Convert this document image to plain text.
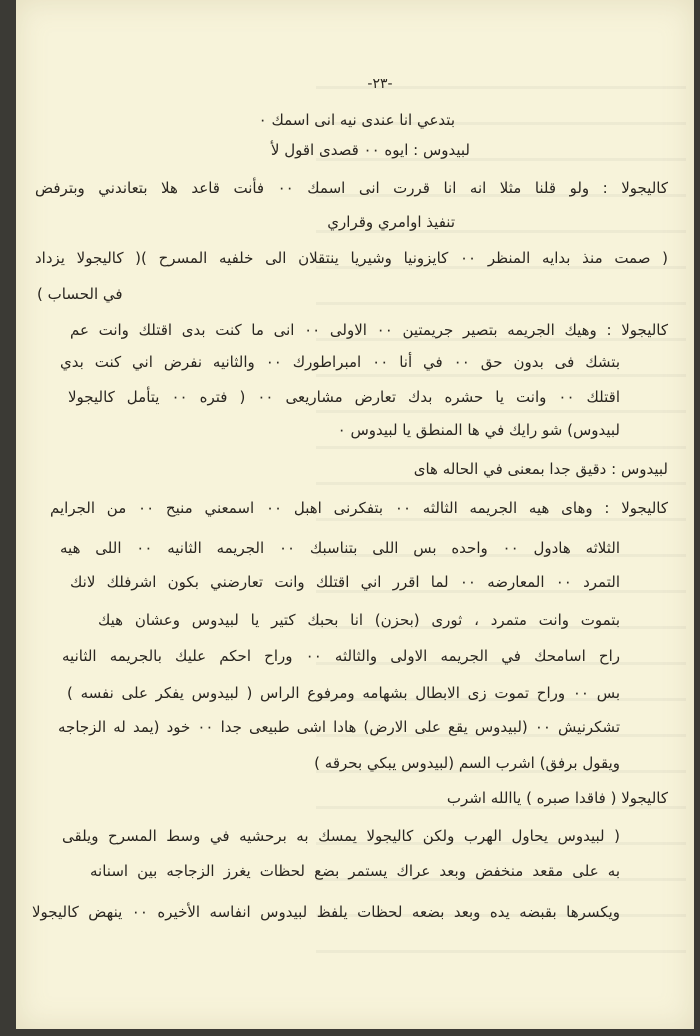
-٢٣-
بتدعي انا عندى نيه انى اسمك ٠
لبيدوس : ايوه ٠٠ قصدى اقول لأ
كاليجولا : ولو قلنا مثلا انه انا قررت انى اسمك ٠٠ فأنت قاعد هلا بتعاندني وبترفض
تنفيذ اوامري وقراري
( صمت منذ بدايه المنظر ٠٠ كايزونيا وشيريا ينتقلان الى خلفيه المسرح )( كاليجولا يزداد
في الحساب )
كاليجولا : وهيك الجريمه بتصير جريمتين ٠٠ الاولى ٠٠ انى ما كنت بدى اقتلك وانت عم
بتشك فى بدون حق ٠٠ في أنا ٠٠ امبراطورك ٠٠ والثانيه نفرض اني كنت بدي
اقتلك ٠٠ وانت يا حشره بدك تعارض مشاريعى ٠٠ ( فتره ٠٠ يتأمل كاليجولا
لبيدوس) شو رايك في ها المنطق يا لبيدوس ٠
لبيدوس : دقيق جدا بمعنى في الحاله هاى
كاليجولا : وهاى هيه الجريمه الثالثه ٠٠ بتفكرنى اهبل ٠٠ اسمعني منيح ٠٠ من الجرايم
الثلاثه هادول ٠٠ واحده بس اللى بتناسبك ٠٠ الجريمه الثانيه ٠٠ اللى هيه
التمرد ٠٠ المعارضه ٠٠ لما اقرر اني اقتلك وانت تعارضني بكون اشرفلك لانك
بتموت وانت متمرد ، ثورى (بحزن) انا بحبك كتير يا لبيدوس وعشان هيك
راح اسامحك في الجريمه الاولى والثالثه ٠٠ وراح احكم عليك بالجريمه الثانيه
بس ٠٠ وراح تموت زى الابطال بشهامه ومرفوع الراس ( لبيدوس يفكر على نفسه )
تشكرنيش ٠٠ (لبيدوس يقع على الارض) هادا اشى طبيعى جدا ٠٠ خود (يمد له الزجاجه
ويقول برفق) اشرب السم (لبيدوس يبكي بحرقه )
كاليجولا ( فاقدا صبره ) ياالله اشرب
( لبيدوس يحاول الهرب ولكن كاليجولا يمسك به برحشيه في وسط المسرح ويلقى
به على مقعد منخفض وبعد عراك يستمر بضع لحظات يغرز الزجاجه بين اسنانه
ويكسرها بقبضه يده وبعد بضعه لحظات يلفظ لبيدوس انفاسه الأخيره ٠٠ ينهض كاليجولا
